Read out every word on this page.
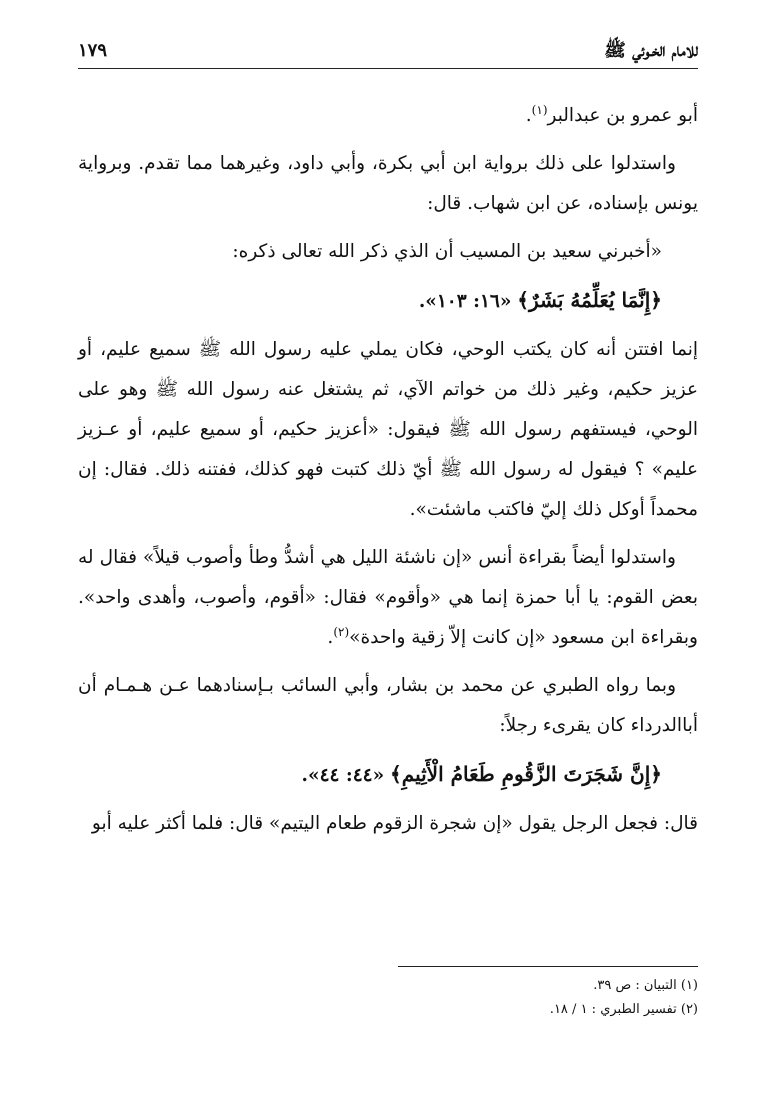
للامام الخـوئي ﷺ
١٧٩

أبو عمرو بن عبدالبر$^{(١)}$.

واستدلوا على ذلك برواية ابن أبي بكرة، وأبي داود، وغيرهما مما تقدم. وبرواية يونس بإسناده، عن ابن شهاب. قال:

«أخبرني سعيد بن المسيب أن الذي ذكر الله تعالى ذكره:

﴿إِنَّمَا يُعَلِّمُهُ بَشَرٌ﴾ «١٦: ١٠٣».

إنما افتتن أنه كان يكتب الوحي، فكان يملي عليه رسول الله ﷺ سميع عليم، أو عزيز حكيم، وغير ذلك من خواتم الآي، ثم يشتغل عنه رسول الله ﷺ وهو على الوحي، فيستفهم رسول الله ﷺ فيقول: «أعزيز حكيم، أو سميع عليم، أو عـزيز عليم» ؟ فيقول له رسول الله ﷺ أيّ ذلك كتبت فهو كذلك، ففتنه ذلك. فقال: إن محمداً أوكل ذلك إليّ فاكتب ماشئت».

واستدلوا أيضاً بقراءة أنس «إن ناشئة الليل هي أشدُّ وطأ وأصوب قيلاً» فقال له بعض القوم: يا أبا حمزة إنما هي «وأقوم» فقال: «أقوم، وأصوب، وأهدى واحد». وبقراءة ابن مسعود «إن كانت إلاّ زقية واحدة»$^{(٢)}$.

وبما رواه الطبري عن محمد بن بشار، وأبي السائب بـإسنادهما عـن هـمـام أن أباالدرداء كان يقرىء رجلاً:

﴿إِنَّ شَجَرَتَ الزَّقُومِ طَعَامُ الْأَثِيمِ﴾ «٤٤: ٤٤».

قال: فجعل الرجل يقول «إن شجرة الزقوم طعام اليتيم» قال: فلما أكثر عليه أبو

(١) التبيان : ص ٣٩.

(٢) تفسير الطبري : ١ / ١٨.
